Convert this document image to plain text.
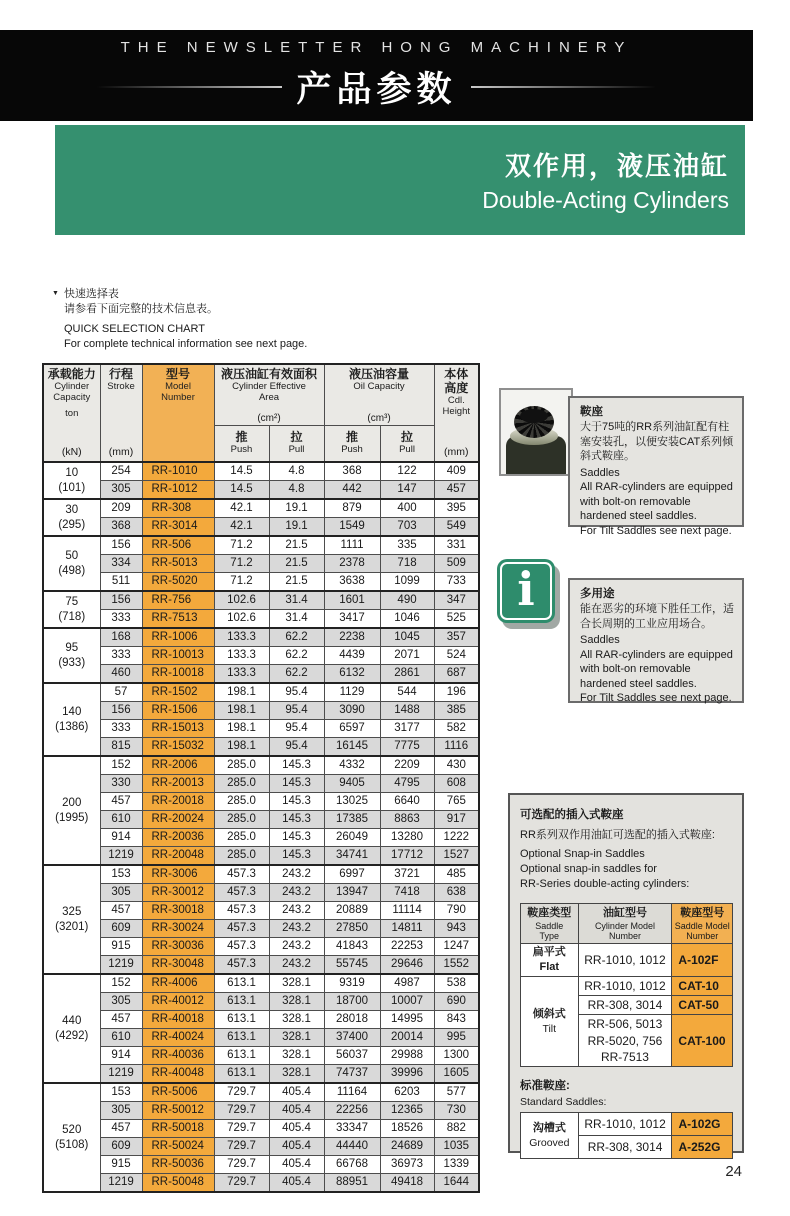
THE NEWSLETTER HONG MACHINERY
产品参数
双作用，液压油缸
Double-Acting Cylinders
▼ 快速选择表
请参看下面完整的技术信息表。
QUICK SELECTION CHART
For complete technical information see next page.
承载能力
Cylinder
Capacity
ton
(kN)

行程
Stroke
(mm)

型号
Model
Number

液压油缸有效面积
Cylinder Effective
Area
(cm²)

液压油容量
Oil Capacity
(cm³)

本体
高度
Cdl.
Height
(mm)

推
Push

拉
Pull

推
Push

拉
Pull

10
(101)	254	RR-1010	14.5	4.8	368	122	409
	305	RR-1012	14.5	4.8	442	147	457

30
(295)	209	RR-308	42.1	19.1	879	400	395
	368	RR-3014	42.1	19.1	1549	703	549

50
(498)	156	RR-506	71.2	21.5	1111	335	331
	334	RR-5013	71.2	21.5	2378	718	509
	511	RR-5020	71.2	21.5	3638	1099	733

75
(718)	156	RR-756	102.6	31.4	1601	490	347
	333	RR-7513	102.6	31.4	3417	1046	525

95
(933)	168	RR-1006	133.3	62.2	2238	1045	357
	333	RR-10013	133.3	62.2	4439	2071	524
	460	RR-10018	133.3	62.2	6132	2861	687

140
(1386)	57	RR-1502	198.1	95.4	1129	544	196
	156	RR-1506	198.1	95.4	3090	1488	385
	333	RR-15013	198.1	95.4	6597	3177	582
	815	RR-15032	198.1	95.4	16145	7775	1116

200
(1995)	152	RR-2006	285.0	145.3	4332	2209	430
	330	RR-20013	285.0	145.3	9405	4795	608
	457	RR-20018	285.0	145.3	13025	6640	765
	610	RR-20024	285.0	145.3	17385	8863	917
	914	RR-20036	285.0	145.3	26049	13280	1222
	1219	RR-20048	285.0	145.3	34741	17712	1527

325
(3201)	153	RR-3006	457.3	243.2	6997	3721	485
	305	RR-30012	457.3	243.2	13947	7418	638
	457	RR-30018	457.3	243.2	20889	11114	790
	609	RR-30024	457.3	243.2	27850	14811	943
	915	RR-30036	457.3	243.2	41843	22253	1247
	1219	RR-30048	457.3	243.2	55745	29646	1552

440
(4292)	152	RR-4006	613.1	328.1	9319	4987	538
	305	RR-40012	613.1	328.1	18700	10007	690
	457	RR-40018	613.1	328.1	28018	14995	843
	610	RR-40024	613.1	328.1	37400	20014	995
	914	RR-40036	613.1	328.1	56037	29988	1300
	1219	RR-40048	613.1	328.1	74737	39996	1605

520
(5108)	153	RR-5006	729.7	405.4	11164	6203	577
	305	RR-50012	729.7	405.4	22256	12365	730
	457	RR-50018	729.7	405.4	33347	18526	882
	609	RR-50024	729.7	405.4	44440	24689	1035
	915	RR-50036	729.7	405.4	66768	36973	1339
	1219	RR-50048	729.7	405.4	88951	49418	1644
鞍座
大于75吨的RR系列油缸配有柱塞安装孔，以便安装CAT系列倾斜式鞍座。
Saddles
All RAR-cylinders are equipped with bolt-on removable hardened steel saddles.
For Tilt Saddles see next page.
i	多用途
能在恶劣的环境下胜任工作，适合长周期的工业应用场合。
Saddles
All RAR-cylinders are equipped with bolt-on removable hardened steel saddles.
For Tilt Saddles see next page.
可选配的插入式鞍座
RR系列双作用油缸可选配的插入式鞍座:
Optional Snap-in Saddles
Optional snap-in saddles for
RR-Series double-acting cylinders:
鞍座类型
Saddle
Type

油缸型号
Cylinder Model
Number

鞍座型号
Saddle Model
Number

扁平式 Flat	RR-1010, 1012	A-102F

倾斜式
Tilt	RR-1010, 1012	CAT-10

	RR-308, 3014	CAT-50

	RR-506, 5013
RR-5020, 756
RR-7513	CAT-100
标准鞍座:
Standard Saddles:
沟槽式
Grooved	RR-1010, 1012	A-102G
	RR-308, 3014	A-252G
24
